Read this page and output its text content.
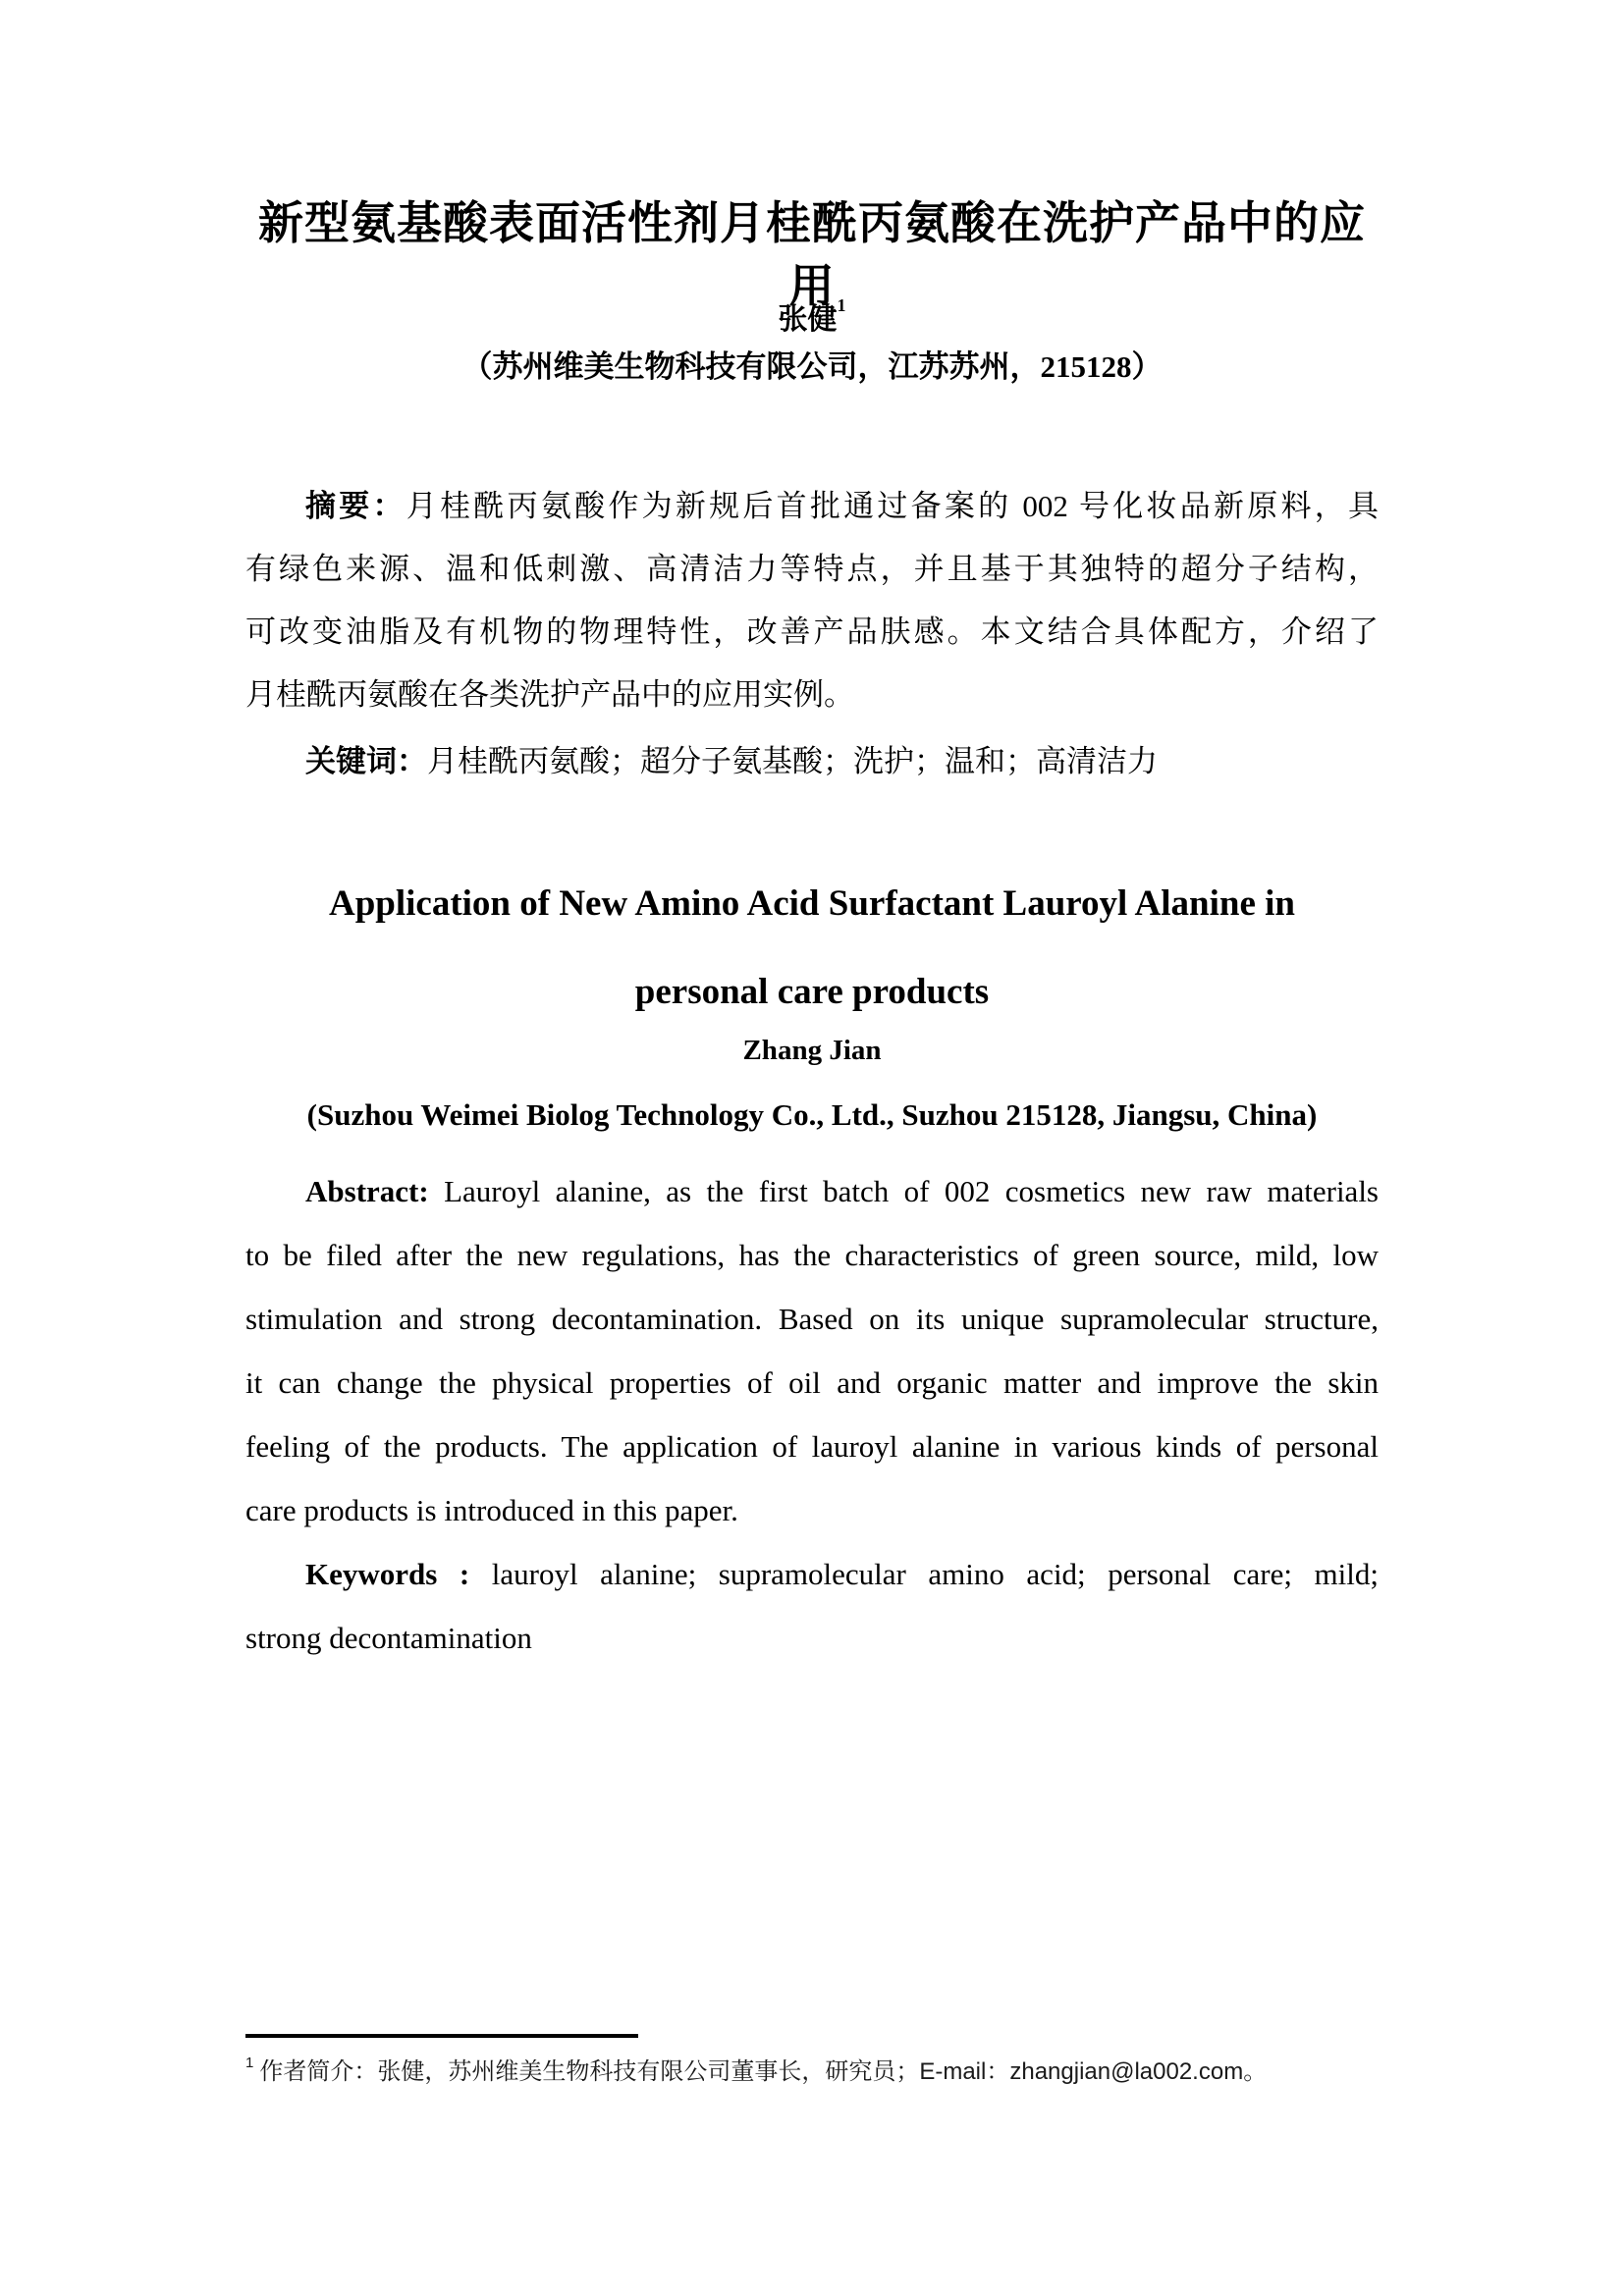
新型氨基酸表面活性剂月桂酰丙氨酸在洗护产品中的应用
张健$^1$
（苏州维美生物科技有限公司，江苏苏州，215128）
摘要：月桂酰丙氨酸作为新规后首批通过备案的 002 号化妆品新原料，具
有绿色来源、温和低刺激、高清洁力等特点，并且基于其独特的超分子结构，
可改变油脂及有机物的物理特性，改善产品肤感。本文结合具体配方，介绍了
月桂酰丙氨酸在各类洗护产品中的应用实例。
关键词：月桂酰丙氨酸；超分子氨基酸；洗护；温和；高清洁力
Application of New Amino Acid Surfactant Lauroyl Alanine in
personal care products
Zhang Jian
(Suzhou Weimei Biolog Technology Co., Ltd., Suzhou 215128, Jiangsu, China)
Abstract: Lauroyl alanine, as the first batch of 002 cosmetics new raw materials
to be filed after the new regulations, has the characteristics of green source, mild, low
stimulation and strong decontamination. Based on its unique supramolecular structure,
it can change the physical properties of oil and organic matter and improve the skin
feeling of the products. The application of lauroyl alanine in various kinds of personal
care products is introduced in this paper.
Keywords : lauroyl alanine; supramolecular amino acid; personal care; mild;
strong decontamination
$^1$ 作者简介：张健，苏州维美生物科技有限公司董事长，研究员；E-mail：zhangjian@la002.com。
